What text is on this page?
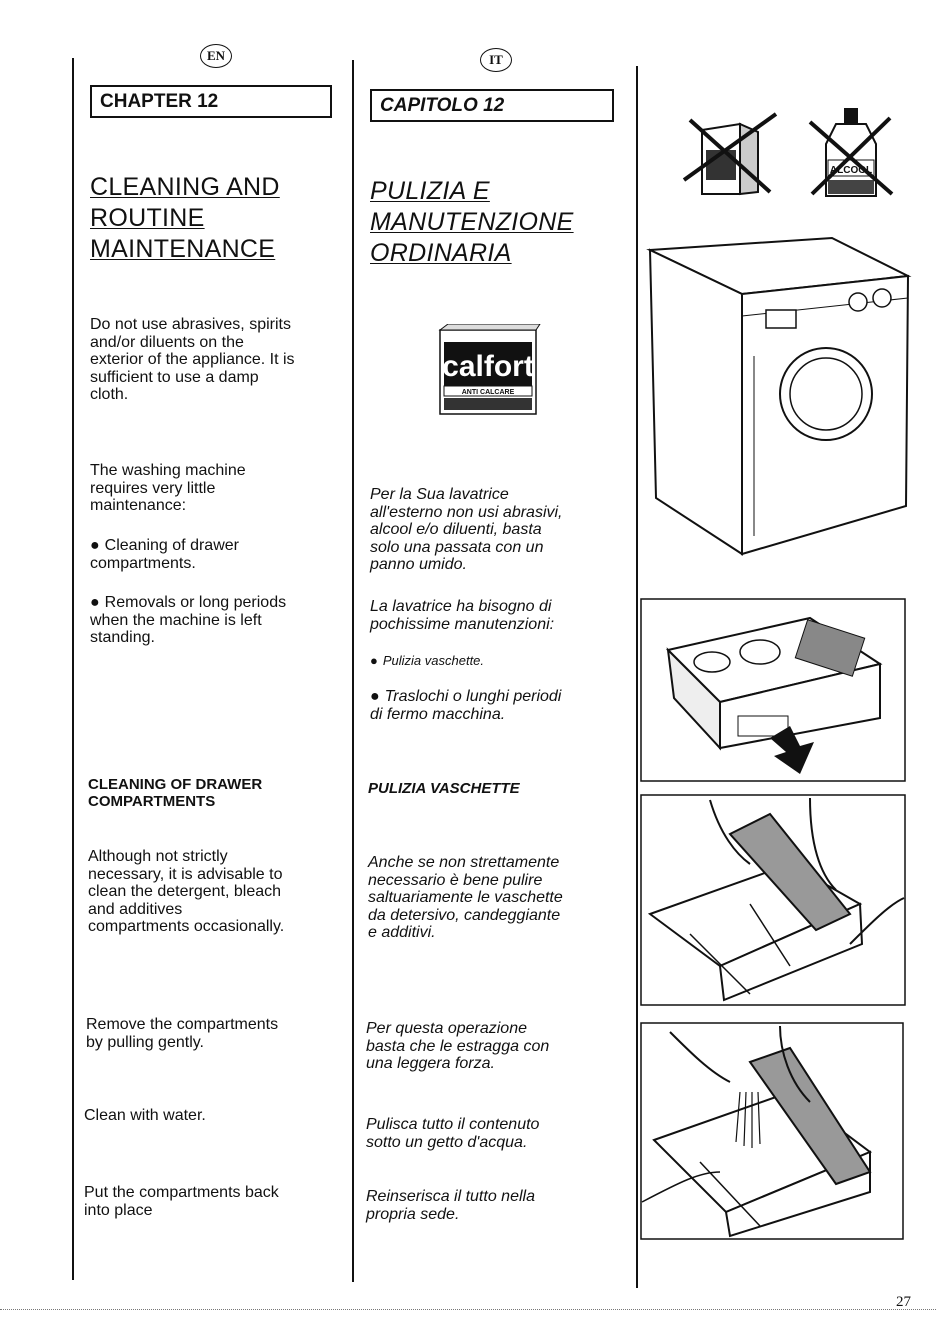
EN	IT
CHAPTER 12	CAPITOLO 12
CLEANING AND
ROUTINE
MAINTENANCE
PULIZIA E
MANUTENZIONE
ORDINARIA
Do not use abrasives, spirits
and/or diluents on the
exterior of the appliance. It is
sufficient to use a damp
cloth.
The washing machine
requires very little
maintenance:
● Cleaning of drawer
compartments.
● Removals or long periods
when the machine is left
standing.
CLEANING OF DRAWER
COMPARTMENTS
Although not strictly
necessary, it is advisable to
clean the detergent, bleach
and additives
compartments occasionally.
Remove the compartments
by pulling gently.
Clean with water.
Put the compartments back
into place
Per la Sua lavatrice
all'esterno non usi abrasivi,
alcool e/o diluenti, basta
solo una passata con un
panno umido.
La lavatrice ha bisogno di
pochissime manutenzioni:
● Pulizia vaschette.
● Traslochi o lunghi periodi
di fermo macchina.
PULIZIA VASCHETTE
Anche se non strettamente
necessario è bene pulire
saltuariamente le vaschette
da detersivo, candeggiante
e additivi.
Per questa operazione
basta che le estragga con
una leggera forza.
Pulisca tutto il contenuto
sotto un getto d'acqua.
Reinserisca il tutto nella
propria sede.
calfort
ANTI CALCARE
ALCOOL
27
